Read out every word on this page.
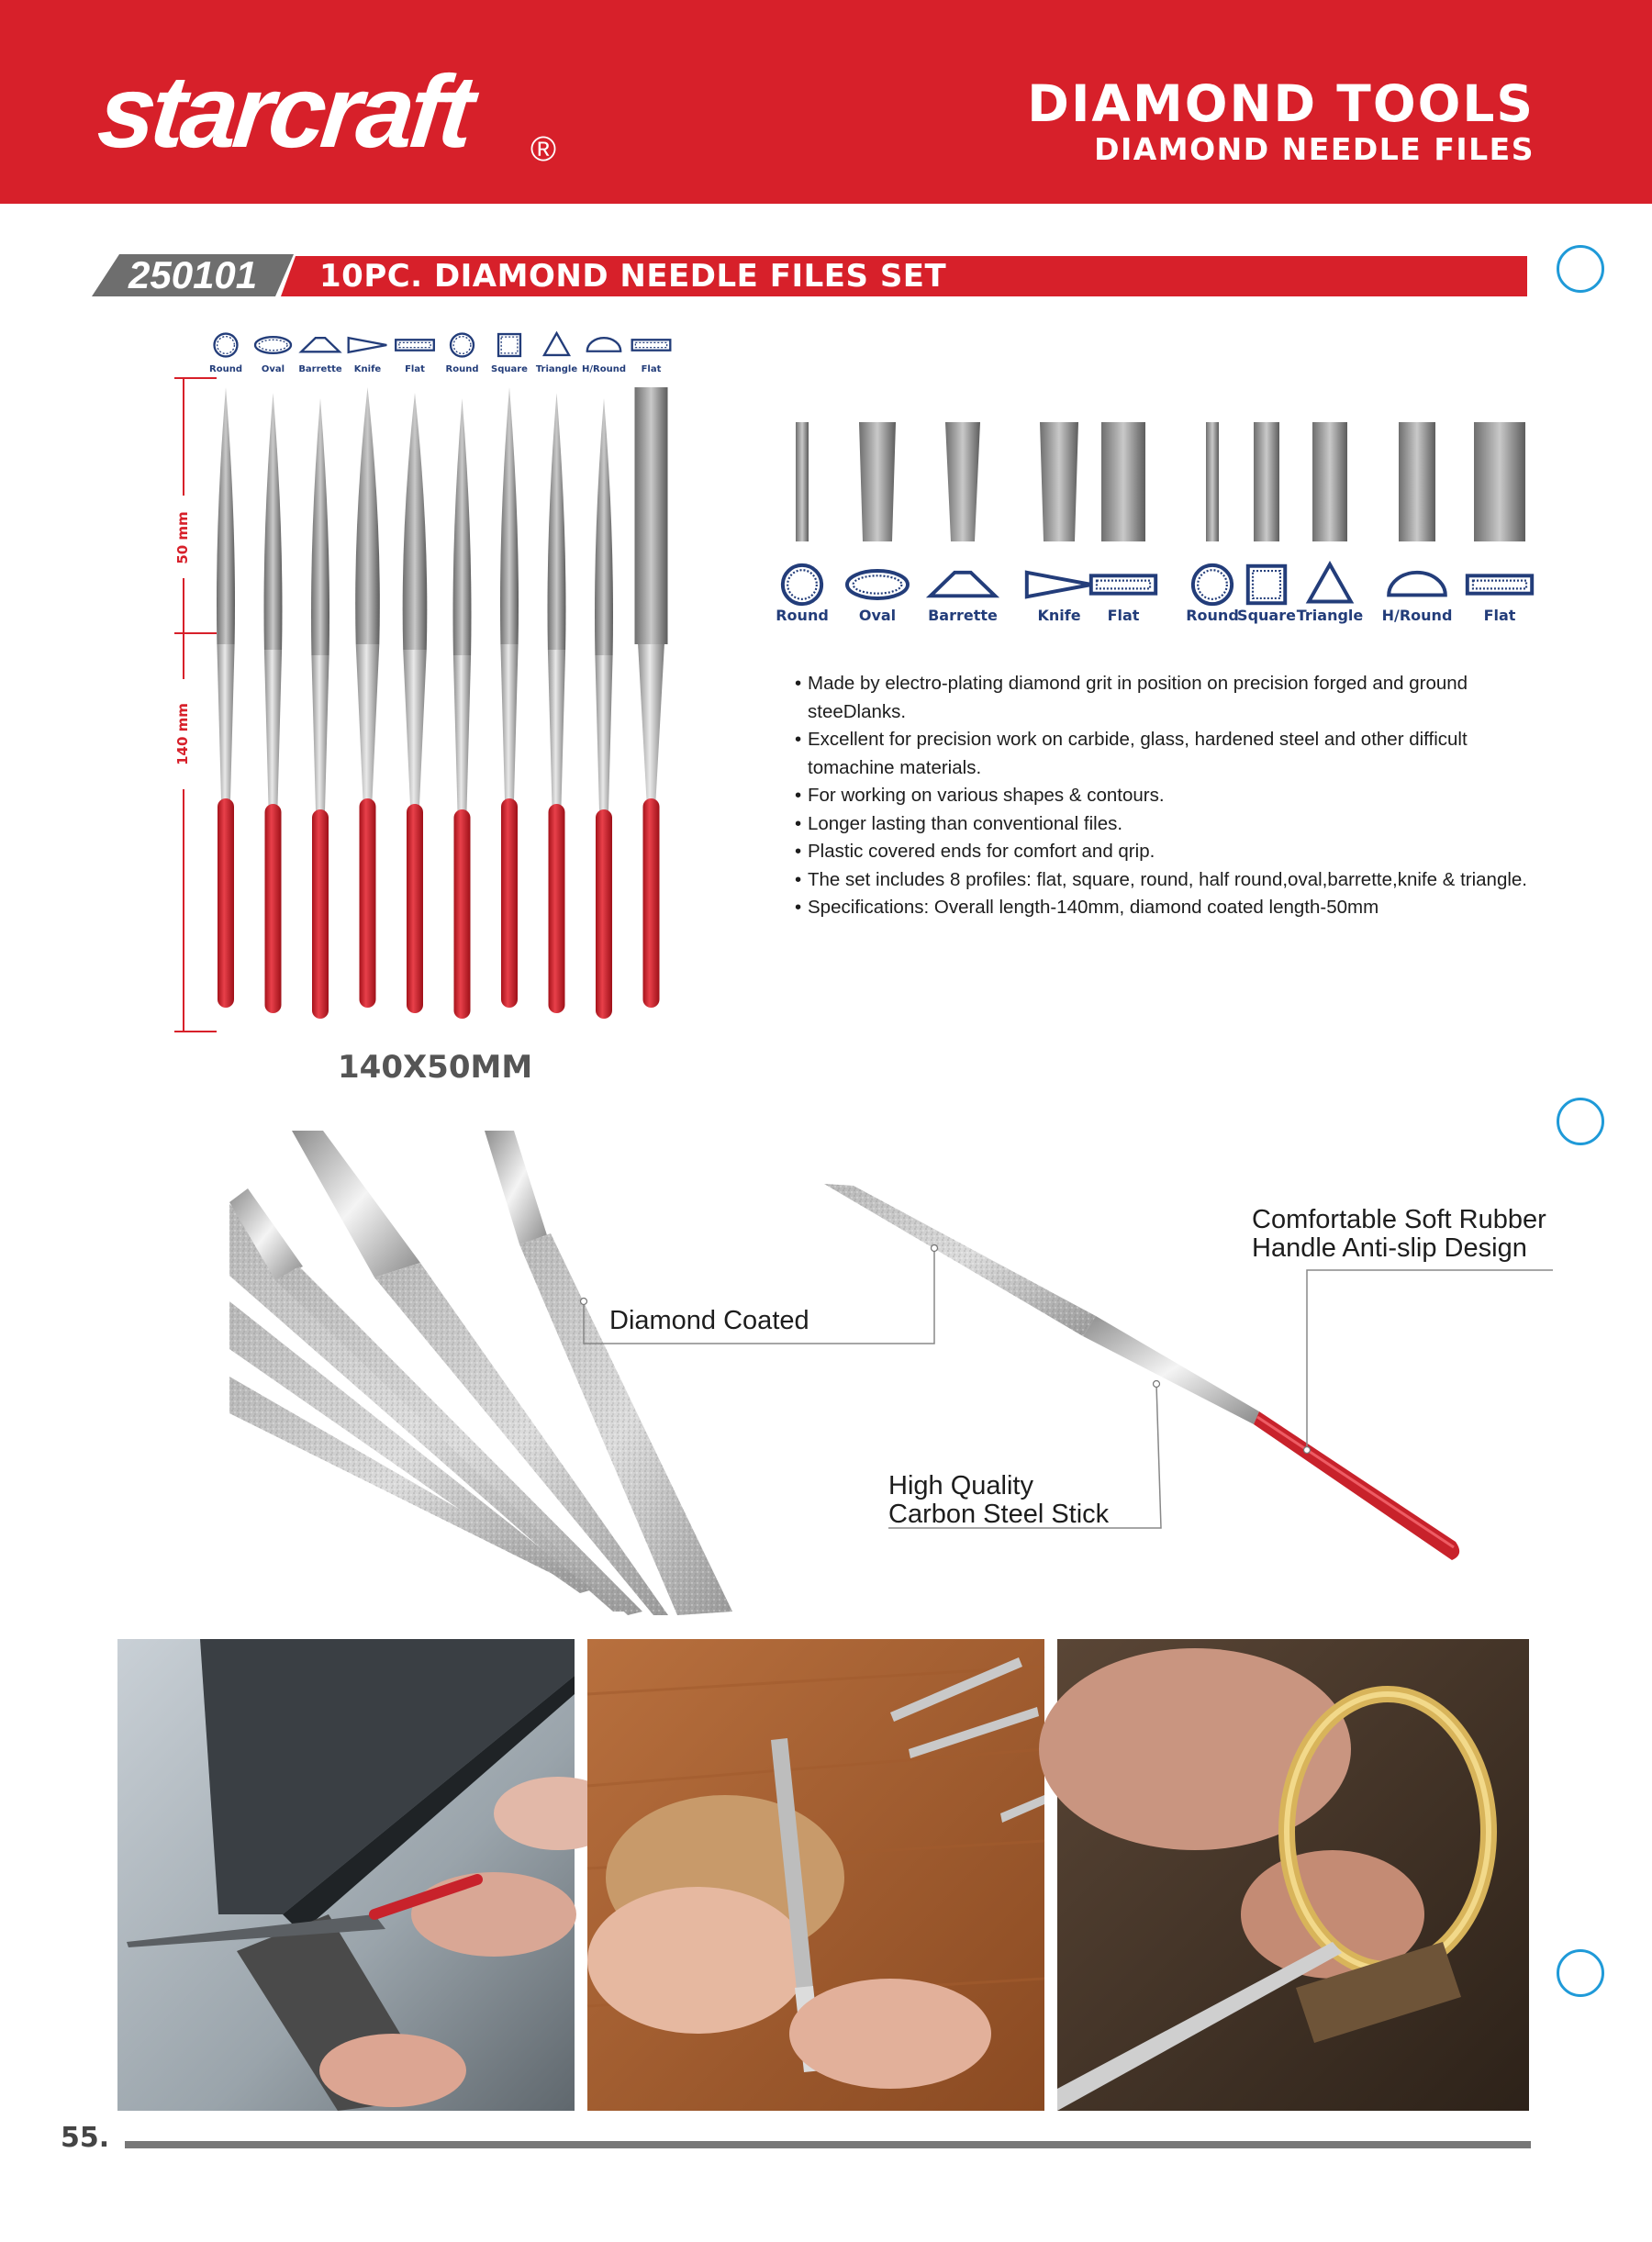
starcraft ®
DIAMOND TOOLS
DIAMOND NEEDLE FILES
250101 10PC. DIAMOND NEEDLE FILES SET
50 mm
140 mm
Round Oval Barrette Knife	Flat Round Square Triangle H/Round Flat
140X50MM
Round Oval Barrette	Knife Flat	Round
Square Triangle H/Round Flat
• Made by electro-plating diamond grit in position on precision forged and ground steeDlanks.
• Excellent for precision work on carbide, glass, hardened steel and other difficult tomachine materials.
• For working on various shapes & contours.
• Longer lasting than conventional files.
• Plastic covered ends for comfort and qrip.
• The set includes 8 profiles: flat, square, round, half round,oval,barrette,knife & triangle.
• Specifications: Overall length-140mm, diamond coated length-50mm
Diamond Coated
Comfortable Soft Rubber
Handle Anti-slip Design
High Quality
Carbon Steel Stick
55.
